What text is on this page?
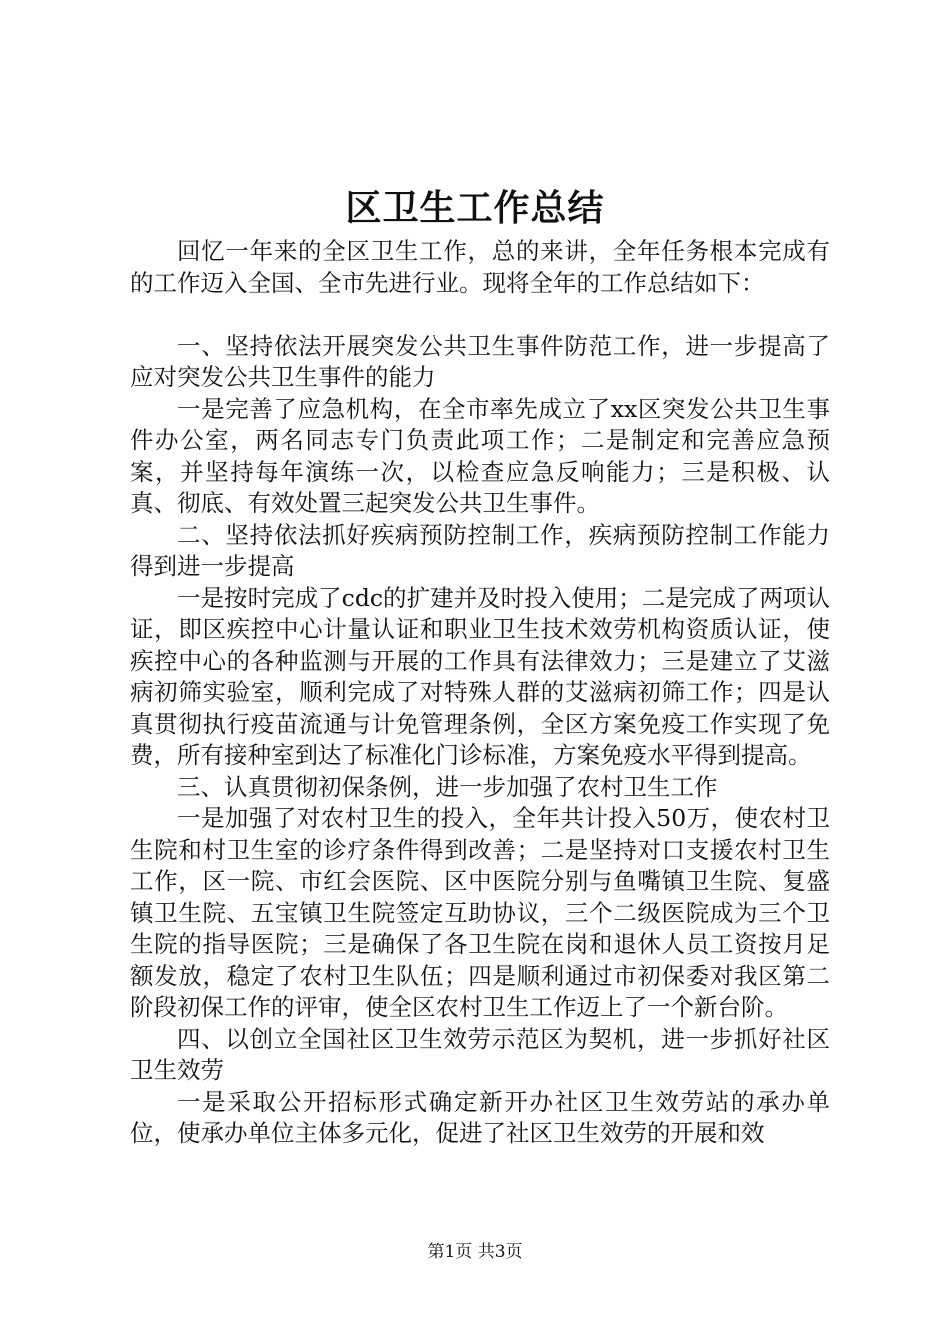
区卫生工作总结

回忆一年来的全区卫生工作，总的来讲，全年任务根本完成有的工作迈入全国、全市先进行业。现将全年的工作总结如下：

一、坚持依法开展突发公共卫生事件防范工作，进一步提高了应对突发公共卫生事件的能力

一是完善了应急机构，在全市率先成立了xx区突发公共卫生事件办公室，两名同志专门负责此项工作；二是制定和完善应急预案，并坚持每年演练一次，以检查应急反响能力；三是积极、认真、彻底、有效处置三起突发公共卫生事件。

二、坚持依法抓好疾病预防控制工作，疾病预防控制工作能力得到进一步提高

一是按时完成了cdc的扩建并及时投入使用；二是完成了两项认证，即区疾控中心计量认证和职业卫生技术效劳机构资质认证，使疾控中心的各种监测与开展的工作具有法律效力；三是建立了艾滋病初筛实验室，顺利完成了对特殊人群的艾滋病初筛工作；四是认真贯彻执行疫苗流通与计免管理条例，全区方案免疫工作实现了免费，所有接种室到达了标准化门诊标准，方案免疫水平得到提高。

三、认真贯彻初保条例，进一步加强了农村卫生工作

一是加强了对农村卫生的投入，全年共计投入50万，使农村卫生院和村卫生室的诊疗条件得到改善；二是坚持对口支援农村卫生工作，区一院、市红会医院、区中医院分别与鱼嘴镇卫生院、复盛镇卫生院、五宝镇卫生院签定互助协议，三个二级医院成为三个卫生院的指导医院；三是确保了各卫生院在岗和退休人员工资按月足额发放，稳定了农村卫生队伍；四是顺利通过市初保委对我区第二阶段初保工作的评审，使全区农村卫生工作迈上了一个新台阶。

四、以创立全国社区卫生效劳示范区为契机，进一步抓好社区卫生效劳

一是采取公开招标形式确定新开办社区卫生效劳站的承办单位，使承办单位主体多元化，促进了社区卫生效劳的开展和效

第1页 共3页
